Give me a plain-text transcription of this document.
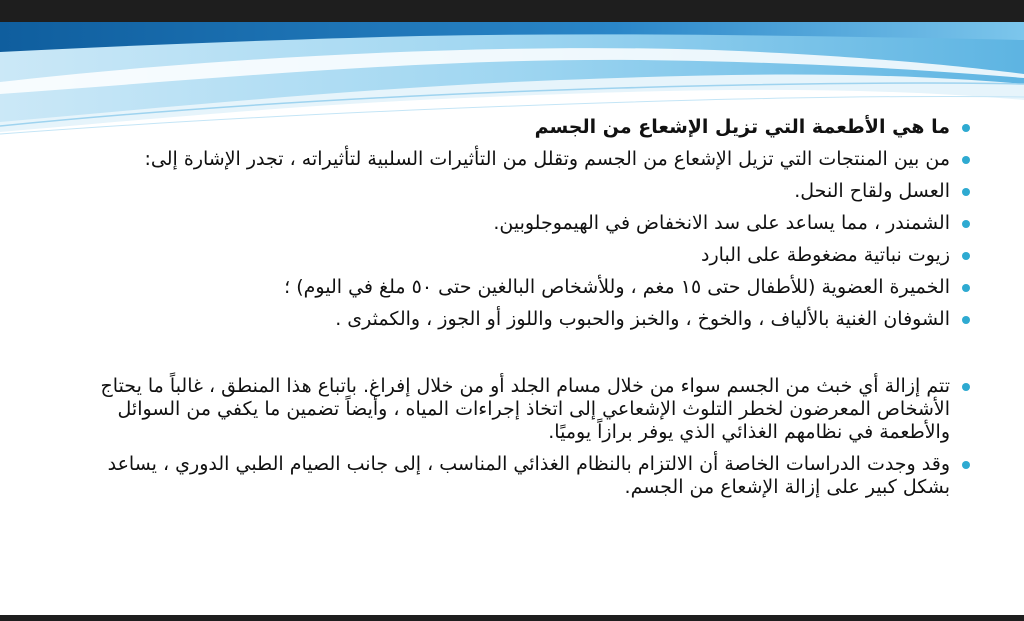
ما هي الأطعمة التي تزيل الإشعاع من الجسم
من بين المنتجات التي تزيل الإشعاع من الجسم وتقلل من التأثيرات السلبية لتأثيراته ، تجدر الإشارة إلى:
العسل ولقاح النحل.
الشمندر ، مما يساعد على سد الانخفاض في الهيموجلوبين.
زيوت نباتية مضغوطة على البارد
الخميرة العضوية (للأطفال حتى ١٥ مغم ، وللأشخاص البالغين حتى ٥٠ ملغ في اليوم) ؛
الشوفان الغنية بالألياف ، والخوخ ، والخبز والحبوب واللوز أو الجوز ، والكمثرى .
تتم إزالة أي خبث من الجسم سواء من خلال مسام الجلد أو من خلال إفراغ. باتباع هذا المنطق ، غالباً ما يحتاج الأشخاص المعرضون لخطر التلوث الإشعاعي إلى اتخاذ إجراءات المياه ، وأيضاً تضمين ما يكفي من السوائل والأطعمة في نظامهم الغذائي الذي يوفر برازاً يوميًا.
وقد وجدت الدراسات الخاصة أن الالتزام بالنظام الغذائي المناسب ، إلى جانب الصيام الطبي الدوري ، يساعد بشكل كبير على إزالة الإشعاع من الجسم.
